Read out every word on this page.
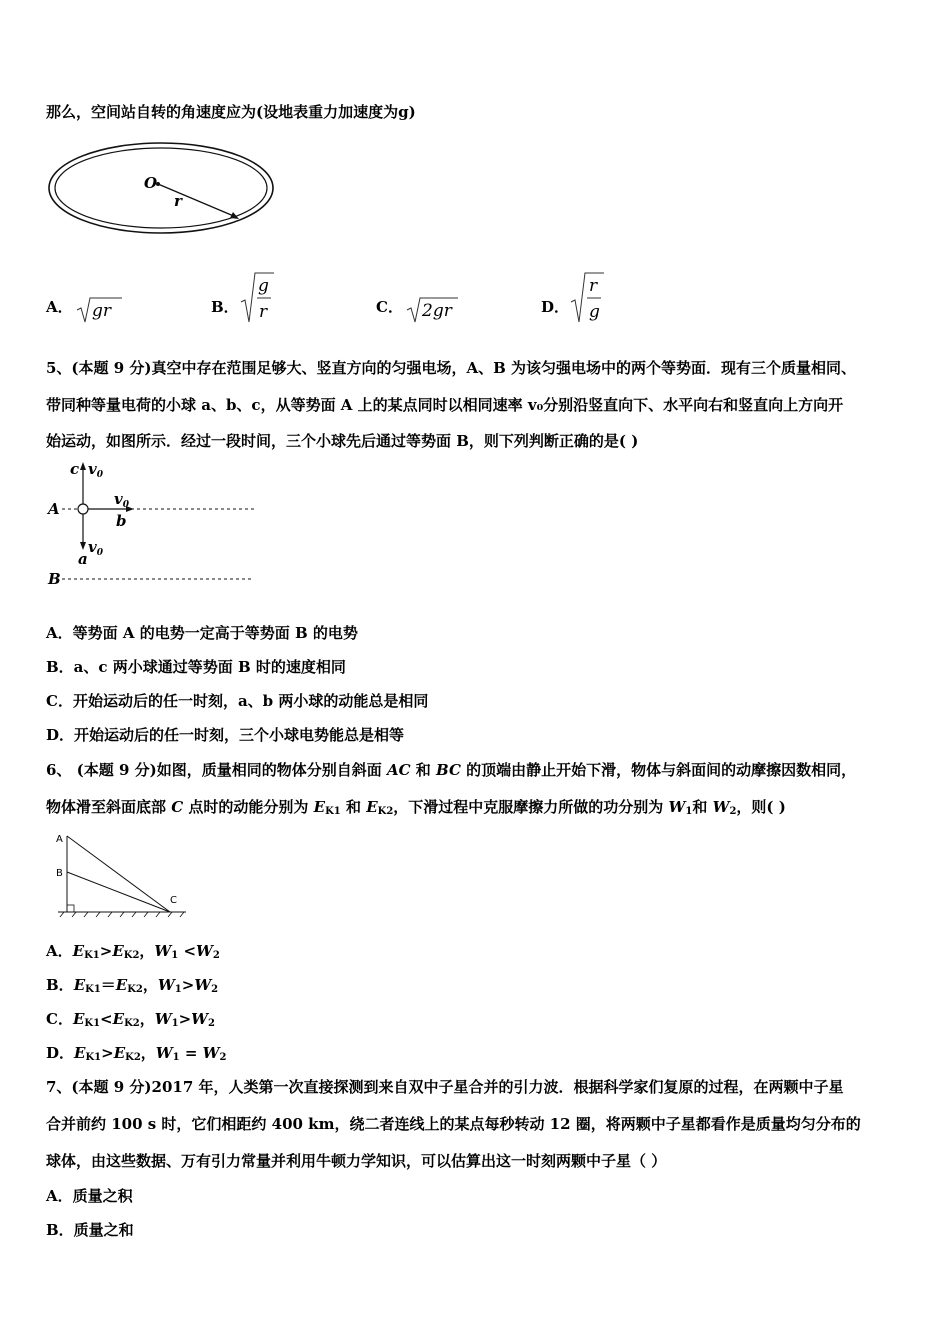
那么，空间站自转的角速度应为(设地表重力加速度为g)
O
r
A． gr	B．
g
r	C． 2gr	D．
r
g
5、(本题 9 分)真空中存在范围足够大、竖直方向的匀强电场，A、B 为该匀强电场中的两个等势面．现有三个质量相同、
带同种等量电荷的小球 a、b、c，从等势面 A 上的某点同时以相同速率 v₀分别沿竖直向下、水平向右和竖直向上方向开
始运动，如图所示．经过一段时间，三个小球先后通过等势面 B，则下列判断正确的是( )
c $v_0$
A
$v_0$
b
$v_0$
a
B
A．等势面 A 的电势一定高于等势面 B 的电势
B．a、c 两小球通过等势面 B 时的速度相同
C．开始运动后的任一时刻，a、b 两小球的动能总是相同
D．开始运动后的任一时刻，三个小球电势能总是相等
6、 (本题 9 分)如图，质量相同的物体分别自斜面 AC 和 BC 的顶端由静止开始下滑，物体与斜面间的动摩擦因数相同，
物体滑至斜面底部 C 点时的动能分别为 $E_{K1}$ 和 $E_{K2}$，下滑过程中克服摩擦力所做的功分别为 $W_1$和 $W_2$，则( )
A
B
C
A．$E_{K1}>E_{K2}$，$W_1 <W_2$
B．$E_{K1}=E_{K2}$，$W_1>W_2$
C．$E_{K1}<E_{K2}$，$W_1>W_2$
D．$E_{K1}>E_{K2}$，$W_1 = W_2$
7、(本题 9 分)2017 年，人类第一次直接探测到来自双中子星合并的引力波．根据科学家们复原的过程，在两颗中子星
合并前约 100 s 时，它们相距约 400 km，绕二者连线上的某点每秒转动 12 圈，将两颗中子星都看作是质量均匀分布的
球体，由这些数据、万有引力常量并利用牛顿力学知识，可以估算出这一时刻两颗中子星（ ）
A．质量之积
B．质量之和
